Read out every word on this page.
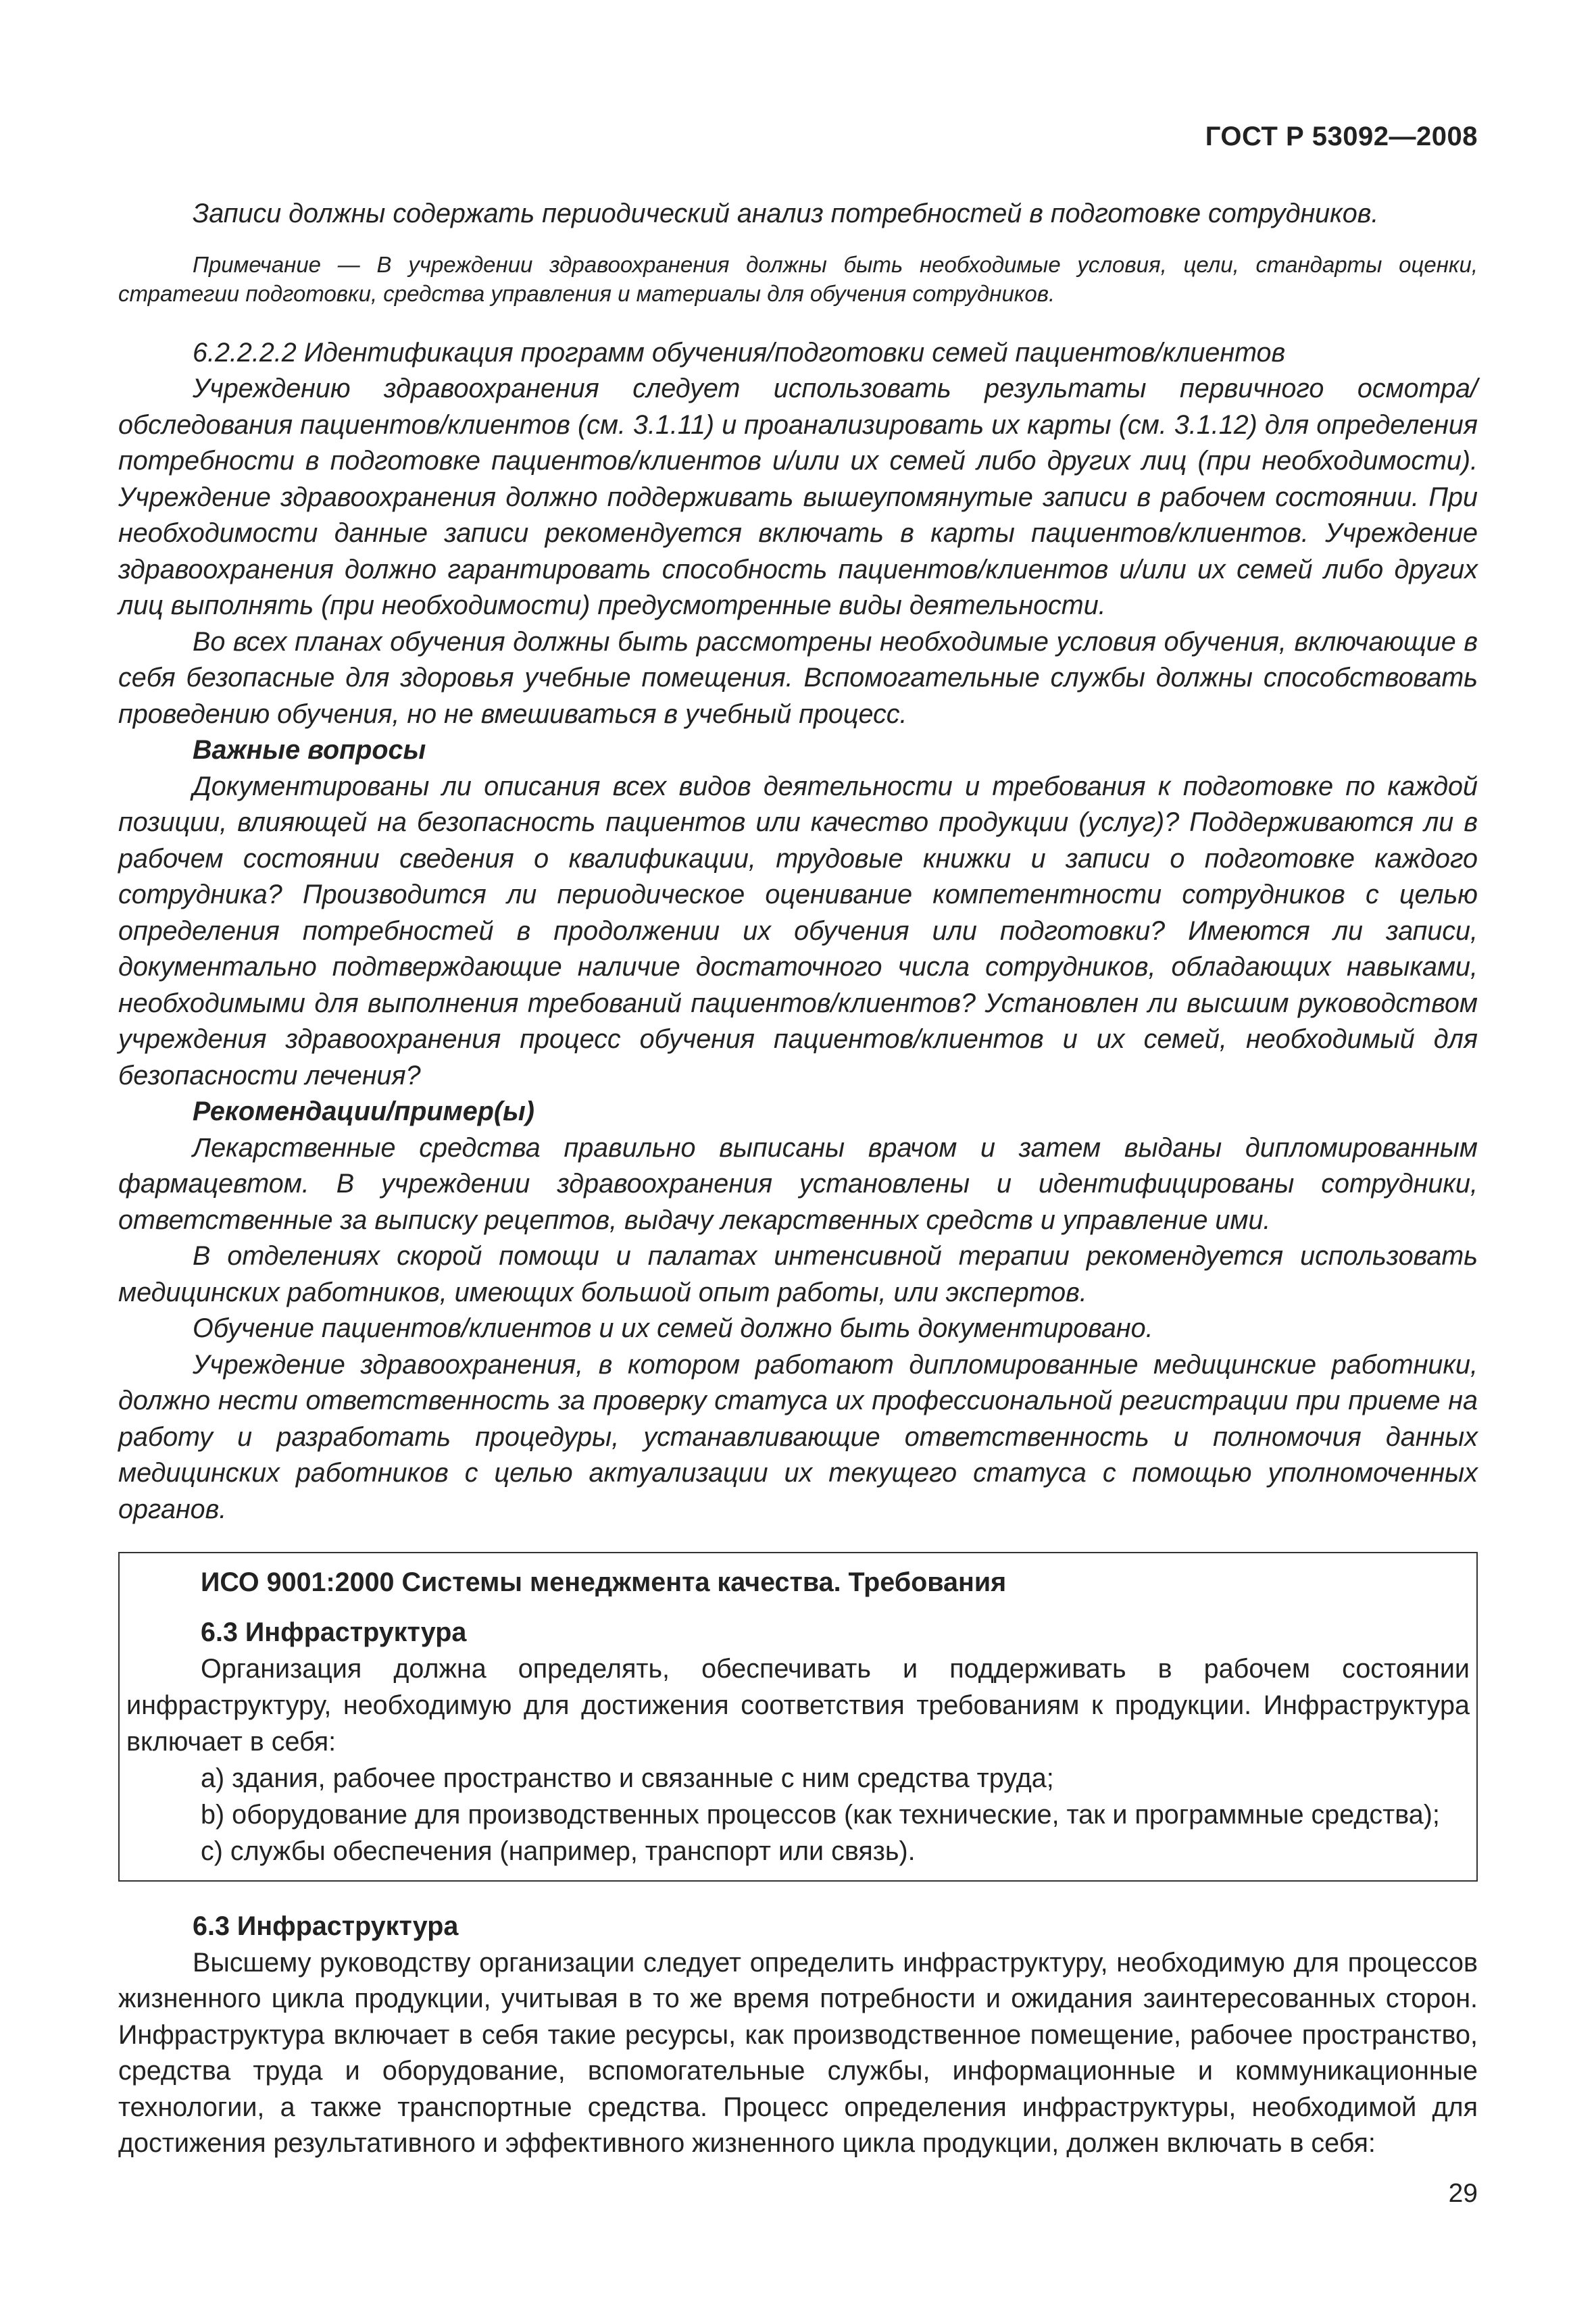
ГОСТ Р 53092—2008

Записи должны содержать периодический анализ потребностей в подготовке сотрудников.

Примечание — В учреждении здравоохранения должны быть необходимые условия, цели, стандарты оценки, стратегии подготовки, средства управления и материалы для обучения сотрудников.

6.2.2.2.2 Идентификация программ обучения/подготовки семей пациентов/клиентов

Учреждению здравоохранения следует использовать результаты первичного осмотра/обследования пациентов/клиентов (см. 3.1.11) и проанализировать их карты (см. 3.1.12) для определения потребности в подготовке пациентов/клиентов и/или их семей либо других лиц (при необходимости). Учреждение здравоохранения должно поддерживать вышеупомянутые записи в рабочем состоянии. При необходимости данные записи рекомендуется включать в карты пациентов/клиентов. Учреждение здравоохранения должно гарантировать способность пациентов/клиентов и/или их семей либо других лиц выполнять (при необходимости) предусмотренные виды деятельности.

Во всех планах обучения должны быть рассмотрены необходимые условия обучения, включающие в себя безопасные для здоровья учебные помещения. Вспомогательные службы должны способствовать проведению обучения, но не вмешиваться в учебный процесс.

Важные вопросы

Документированы ли описания всех видов деятельности и требования к подготовке по каждой позиции, влияющей на безопасность пациентов или качество продукции (услуг)? Поддерживаются ли в рабочем состоянии сведения о квалификации, трудовые книжки и записи о подготовке каждого сотрудника? Производится ли периодическое оценивание компетентности сотрудников с целью определения потребностей в продолжении их обучения или подготовки? Имеются ли записи, документально подтверждающие наличие достаточного числа сотрудников, обладающих навыками, необходимыми для выполнения требований пациентов/клиентов? Установлен ли высшим руководством учреждения здравоохранения процесс обучения пациентов/клиентов и их семей, необходимый для безопасности лечения?

Рекомендации/пример(ы)

Лекарственные средства правильно выписаны врачом и затем выданы дипломированным фармацевтом. В учреждении здравоохранения установлены и идентифицированы сотрудники, ответственные за выписку рецептов, выдачу лекарственных средств и управление ими.

В отделениях скорой помощи и палатах интенсивной терапии рекомендуется использовать медицинских работников, имеющих большой опыт работы, или экспертов.

Обучение пациентов/клиентов и их семей должно быть документировано.

Учреждение здравоохранения, в котором работают дипломированные медицинские работники, должно нести ответственность за проверку статуса их профессиональной регистрации при приеме на работу и разработать процедуры, устанавливающие ответственность и полномочия данных медицинских работников с целью актуализации их текущего статуса с помощью уполномоченных органов.

ИСО 9001:2000 Системы менеджмента качества. Требования

6.3 Инфраструктура

Организация должна определять, обеспечивать и поддерживать в рабочем состоянии инфраструктуру, необходимую для достижения соответствия требованиям к продукции. Инфраструктура включает в себя:

а) здания, рабочее пространство и связанные с ним средства труда;

b) оборудование для производственных процессов (как технические, так и программные средства);

с) службы обеспечения (например, транспорт или связь).

6.3 Инфраструктура

Высшему руководству организации следует определить инфраструктуру, необходимую для процессов жизненного цикла продукции, учитывая в то же время потребности и ожидания заинтересованных сторон. Инфраструктура включает в себя такие ресурсы, как производственное помещение, рабочее пространство, средства труда и оборудование, вспомогательные службы, информационные и коммуникационные технологии, а также транспортные средства. Процесс определения инфраструктуры, необходимой для достижения результативного и эффективного жизненного цикла продукции, должен включать в себя:

29
